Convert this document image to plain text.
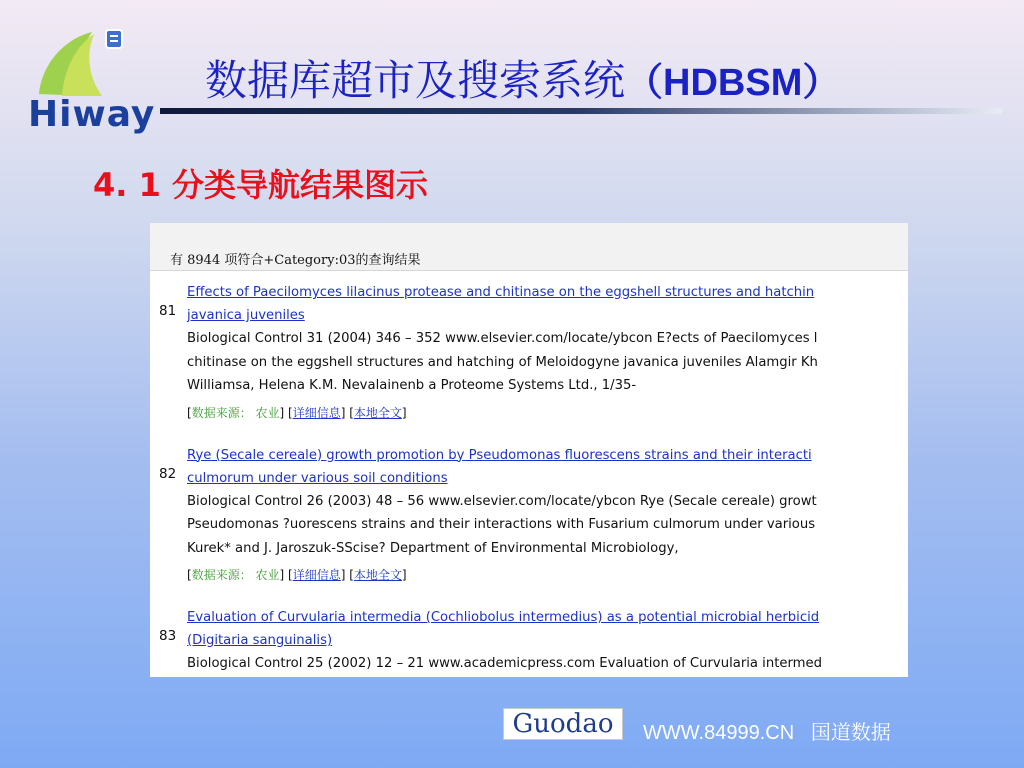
Hiway
数据库超市及搜索系统（HDBSM）
4. 1 分类导航结果图示
有 8944 项符合+Category:03的查询结果
81
Effects of Paecilomyces lilacinus protease and chitinase on the eggshell structures and hatchin
javanica juveniles
Biological Control 31 (2004) 346 – 352 www.elsevier.com/locate/ybcon E?ects of Paecilomyces l
chitinase on the eggshell structures and hatching of Meloidogyne javanica juveniles Alamgir Kh
Williamsa, Helena K.M. Nevalainenb a Proteome Systems Ltd., 1/35-
[数据来源： 农业] [详细信息] [本地全文]
82
Rye (Secale cereale) growth promotion by Pseudomonas fluorescens strains and their interacti
culmorum under various soil conditions
Biological Control 26 (2003) 48 – 56 www.elsevier.com/locate/ybcon Rye (Secale cereale) growt
Pseudomonas ?uorescens strains and their interactions with Fusarium culmorum under various
Kurek* and J. Jaroszuk-SScise? Department of Environmental Microbiology,
[数据来源： 农业] [详细信息] [本地全文]
83
Evaluation of Curvularia intermedia (Cochliobolus intermedius) as a potential microbial herbicid
(Digitaria sanguinalis)
Biological Control 25 (2002) 12 – 21 www.academicpress.com Evaluation of Curvularia intermed
Guodao	WWW.84999.CN 国道数据
